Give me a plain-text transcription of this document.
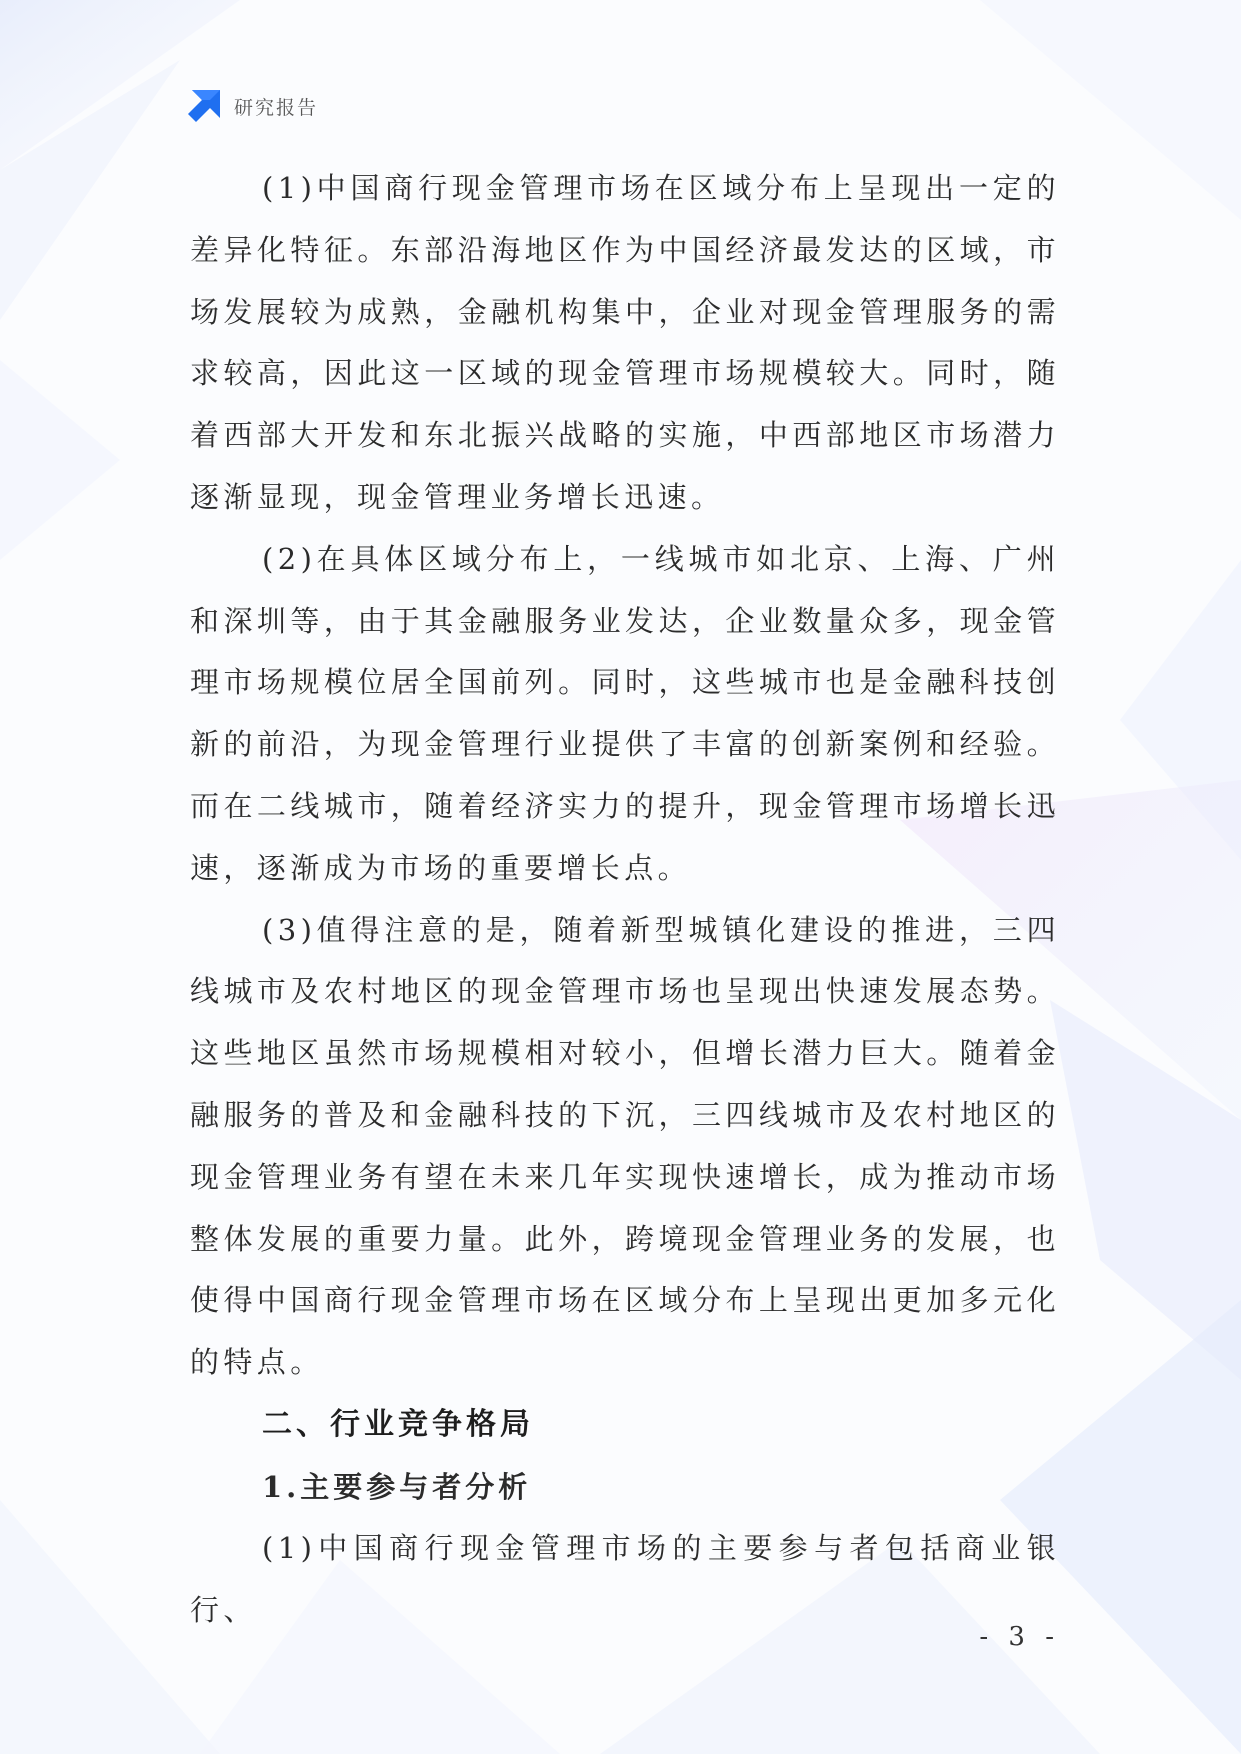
研究报告

(1)中国商行现金管理市场在区域分布上呈现出一定的差异化特征。东部沿海地区作为中国经济最发达的区域，市场发展较为成熟，金融机构集中，企业对现金管理服务的需求较高，因此这一区域的现金管理市场规模较大。同时，随着西部大开发和东北振兴战略的实施，中西部地区市场潜力逐渐显现，现金管理业务增长迅速。

(2)在具体区域分布上，一线城市如北京、上海、广州和深圳等，由于其金融服务业发达，企业数量众多，现金管理市场规模位居全国前列。同时，这些城市也是金融科技创新的前沿，为现金管理行业提供了丰富的创新案例和经验。而在二线城市，随着经济实力的提升，现金管理市场增长迅速，逐渐成为市场的重要增长点。

(3)值得注意的是，随着新型城镇化建设的推进，三四线城市及农村地区的现金管理市场也呈现出快速发展态势。这些地区虽然市场规模相对较小，但增长潜力巨大。随着金融服务的普及和金融科技的下沉，三四线城市及农村地区的现金管理业务有望在未来几年实现快速增长，成为推动市场整体发展的重要力量。此外，跨境现金管理业务的发展，也使得中国商行现金管理市场在区域分布上呈现出更加多元化的特点。

二、行业竞争格局
1.主要参与者分析

(1)中国商行现金管理市场的主要参与者包括商业银行、

- 3 -
